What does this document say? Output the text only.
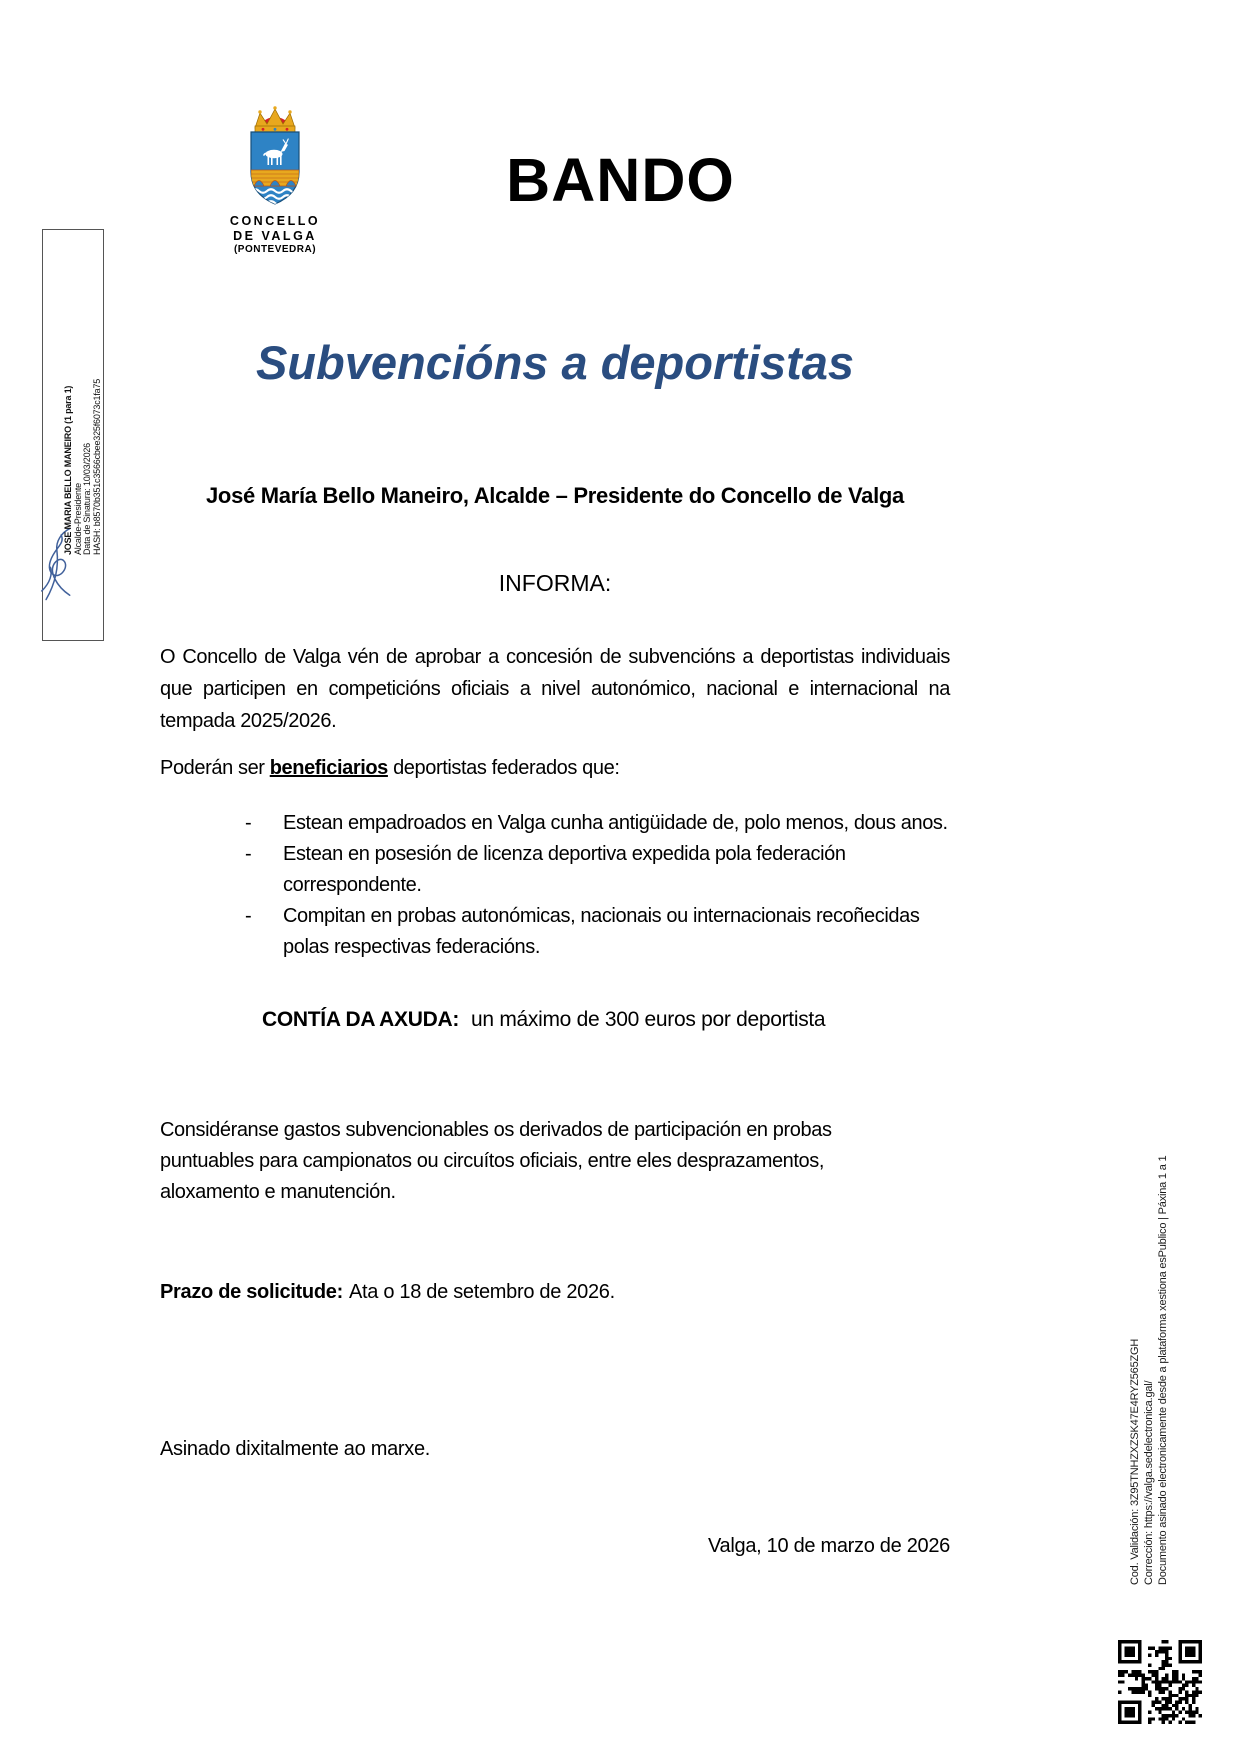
JOSE MARIA BELLO MANEIRO (1 para 1) Alcalde-Presidente Data de Sinatura: 10/03/2026 HASH: b8570b351c3566cbee325f6073c1fa75
CONCELLO
DE VALGA
(PONTEVEDRA)
BANDO
Subvencións a deportistas

José María Bello Maneiro, Alcalde – Presidente do Concello de Valga

INFORMA:

O Concello de Valga vén de aprobar a concesión de subvencións a deportistas individuais que participen en competicións oficiais a nivel autonómico, nacional e internacional na tempada 2025/2026.

Poderán ser beneficiarios deportistas federados que:

-	Estean empadroados en Valga cunha antigüidade de, polo menos, dous anos.
-	Estean en posesión de licenza deportiva expedida pola federación correspondente.
-	Compitan en probas autonómicas, nacionais ou internacionais recoñecidas polas respectivas federacións.

CONTÍA DA AXUDA: un máximo de 300 euros por deportista

Considéranse gastos subvencionables os derivados de participación en probas puntuables para campionatos ou circuítos oficiais, entre eles desprazamentos, aloxamento e manutención.

Prazo de solicitude: Ata o 18 de setembro de 2026.

Asinado dixitalmente ao marxe.

Valga, 10 de marzo de 2026	Cod. Validación: 3Z95TNHZXZSK47E4RYZ565ZGH Corrección: https://valga.sedelectronica.gal/ Documento asinado electronicamente desde a plataforma xestiona esPublico | Páxina 1 a 1
